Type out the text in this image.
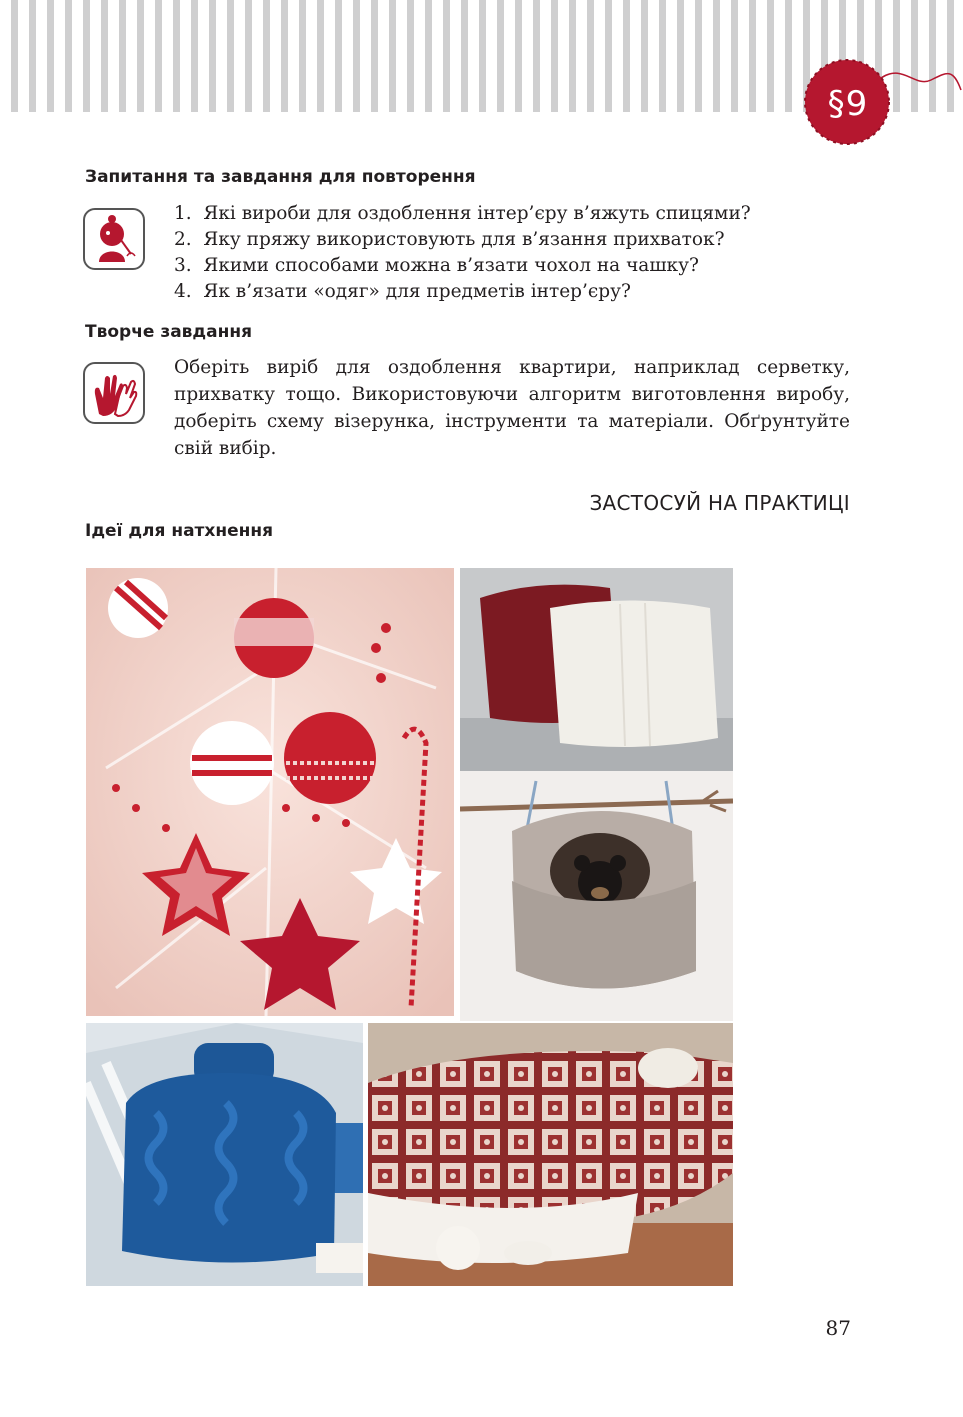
§9
Запитання та завдання для повторення
1.  Які вироби для оздоблення інтер’єру в’яжуть спицями?
2.  Яку пряжу використовують для в’язання прихваток?
3.  Якими способами можна в’язати чохол на чашку?
4.  Як в’язати «одяг» для предметів інтер’єру?
Творче завдання

Оберіть виріб для оздоблення квартири, наприклад серветку, прихватку тощо. Використовуючи алгоритм виготовлення виробу, доберіть схему візерунка, інструменти та матеріали. Обґрунтуйте свій вибір.

ЗАСТОСУЙ НА ПРАКТИЦІ
Ідеї для натхнення
87
